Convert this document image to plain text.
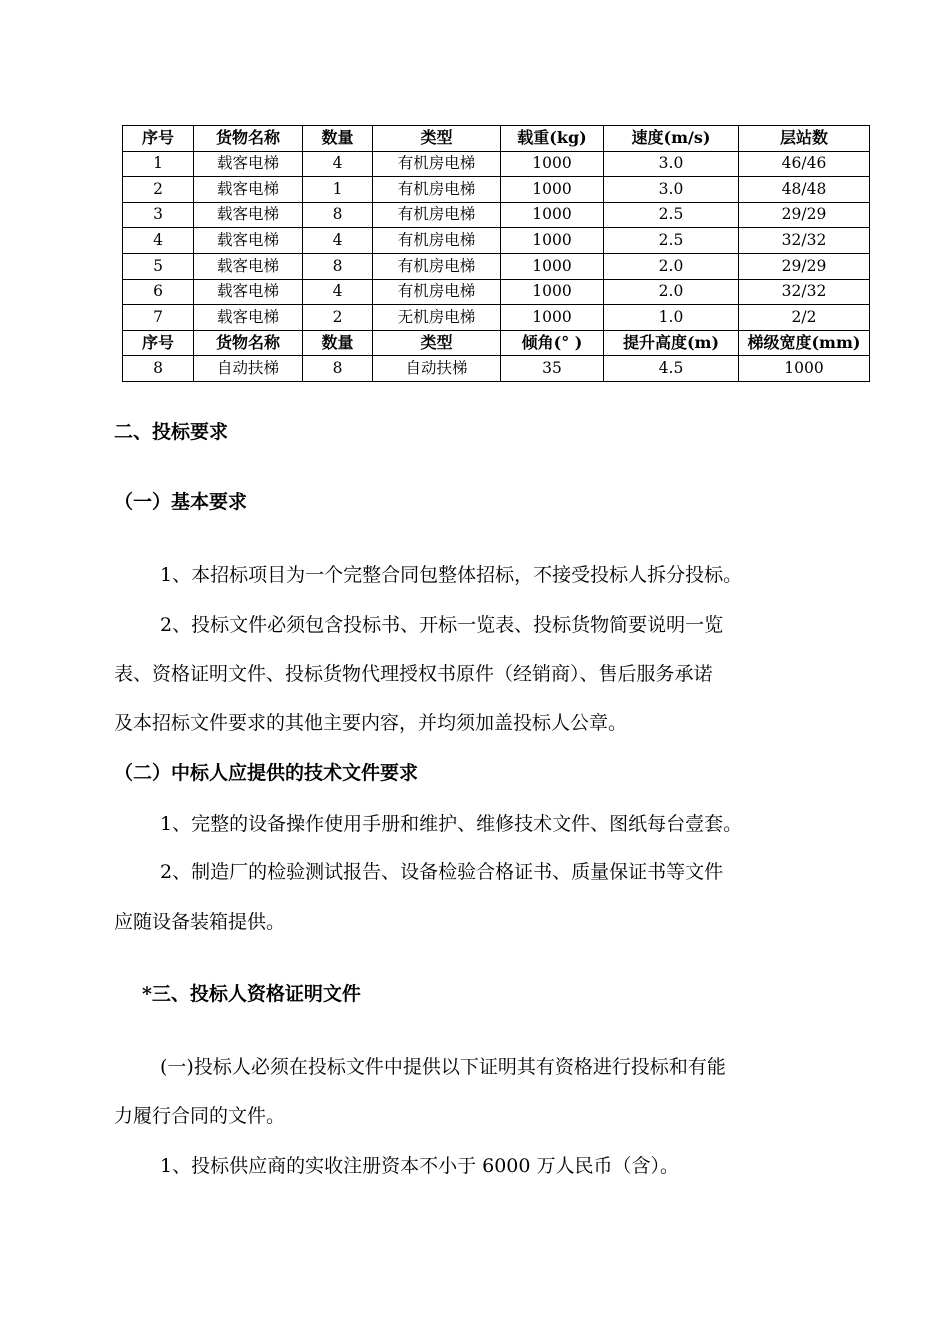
序号	货物名称	数量	类型	载重(kg)	速度(m/s)	层站数
1	载客电梯	4	有机房电梯	1000	3.0	46/46
2	载客电梯	1	有机房电梯	1000	3.0	48/48
3	载客电梯	8	有机房电梯	1000	2.5	29/29
4	载客电梯	4	有机房电梯	1000	2.5	32/32
5	载客电梯	8	有机房电梯	1000	2.0	29/29
6	载客电梯	4	有机房电梯	1000	2.0	32/32
7	载客电梯	2	无机房电梯	1000	1.0	2/2
序号	货物名称	数量	类型	倾角(° )	提升高度(m)	梯级宽度(mm)
8	自动扶梯	8	自动扶梯	35	4.5	1000
二、投标要求
（一）基本要求
1、本招标项目为一个完整合同包整体招标，不接受投标人拆分投标。
2、投标文件必须包含投标书、开标一览表、投标货物简要说明一览
表、资格证明文件、投标货物代理授权书原件（经销商）、售后服务承诺
及本招标文件要求的其他主要内容，并均须加盖投标人公章。
（二）中标人应提供的技术文件要求
1、完整的设备操作使用手册和维护、维修技术文件、图纸每台壹套。
2、制造厂的检验测试报告、设备检验合格证书、质量保证书等文件
应随设备装箱提供。
*三、投标人资格证明文件
(一)投标人必须在投标文件中提供以下证明其有资格进行投标和有能
力履行合同的文件。
1、投标供应商的实收注册资本不小于 6000 万人民币（含）。
